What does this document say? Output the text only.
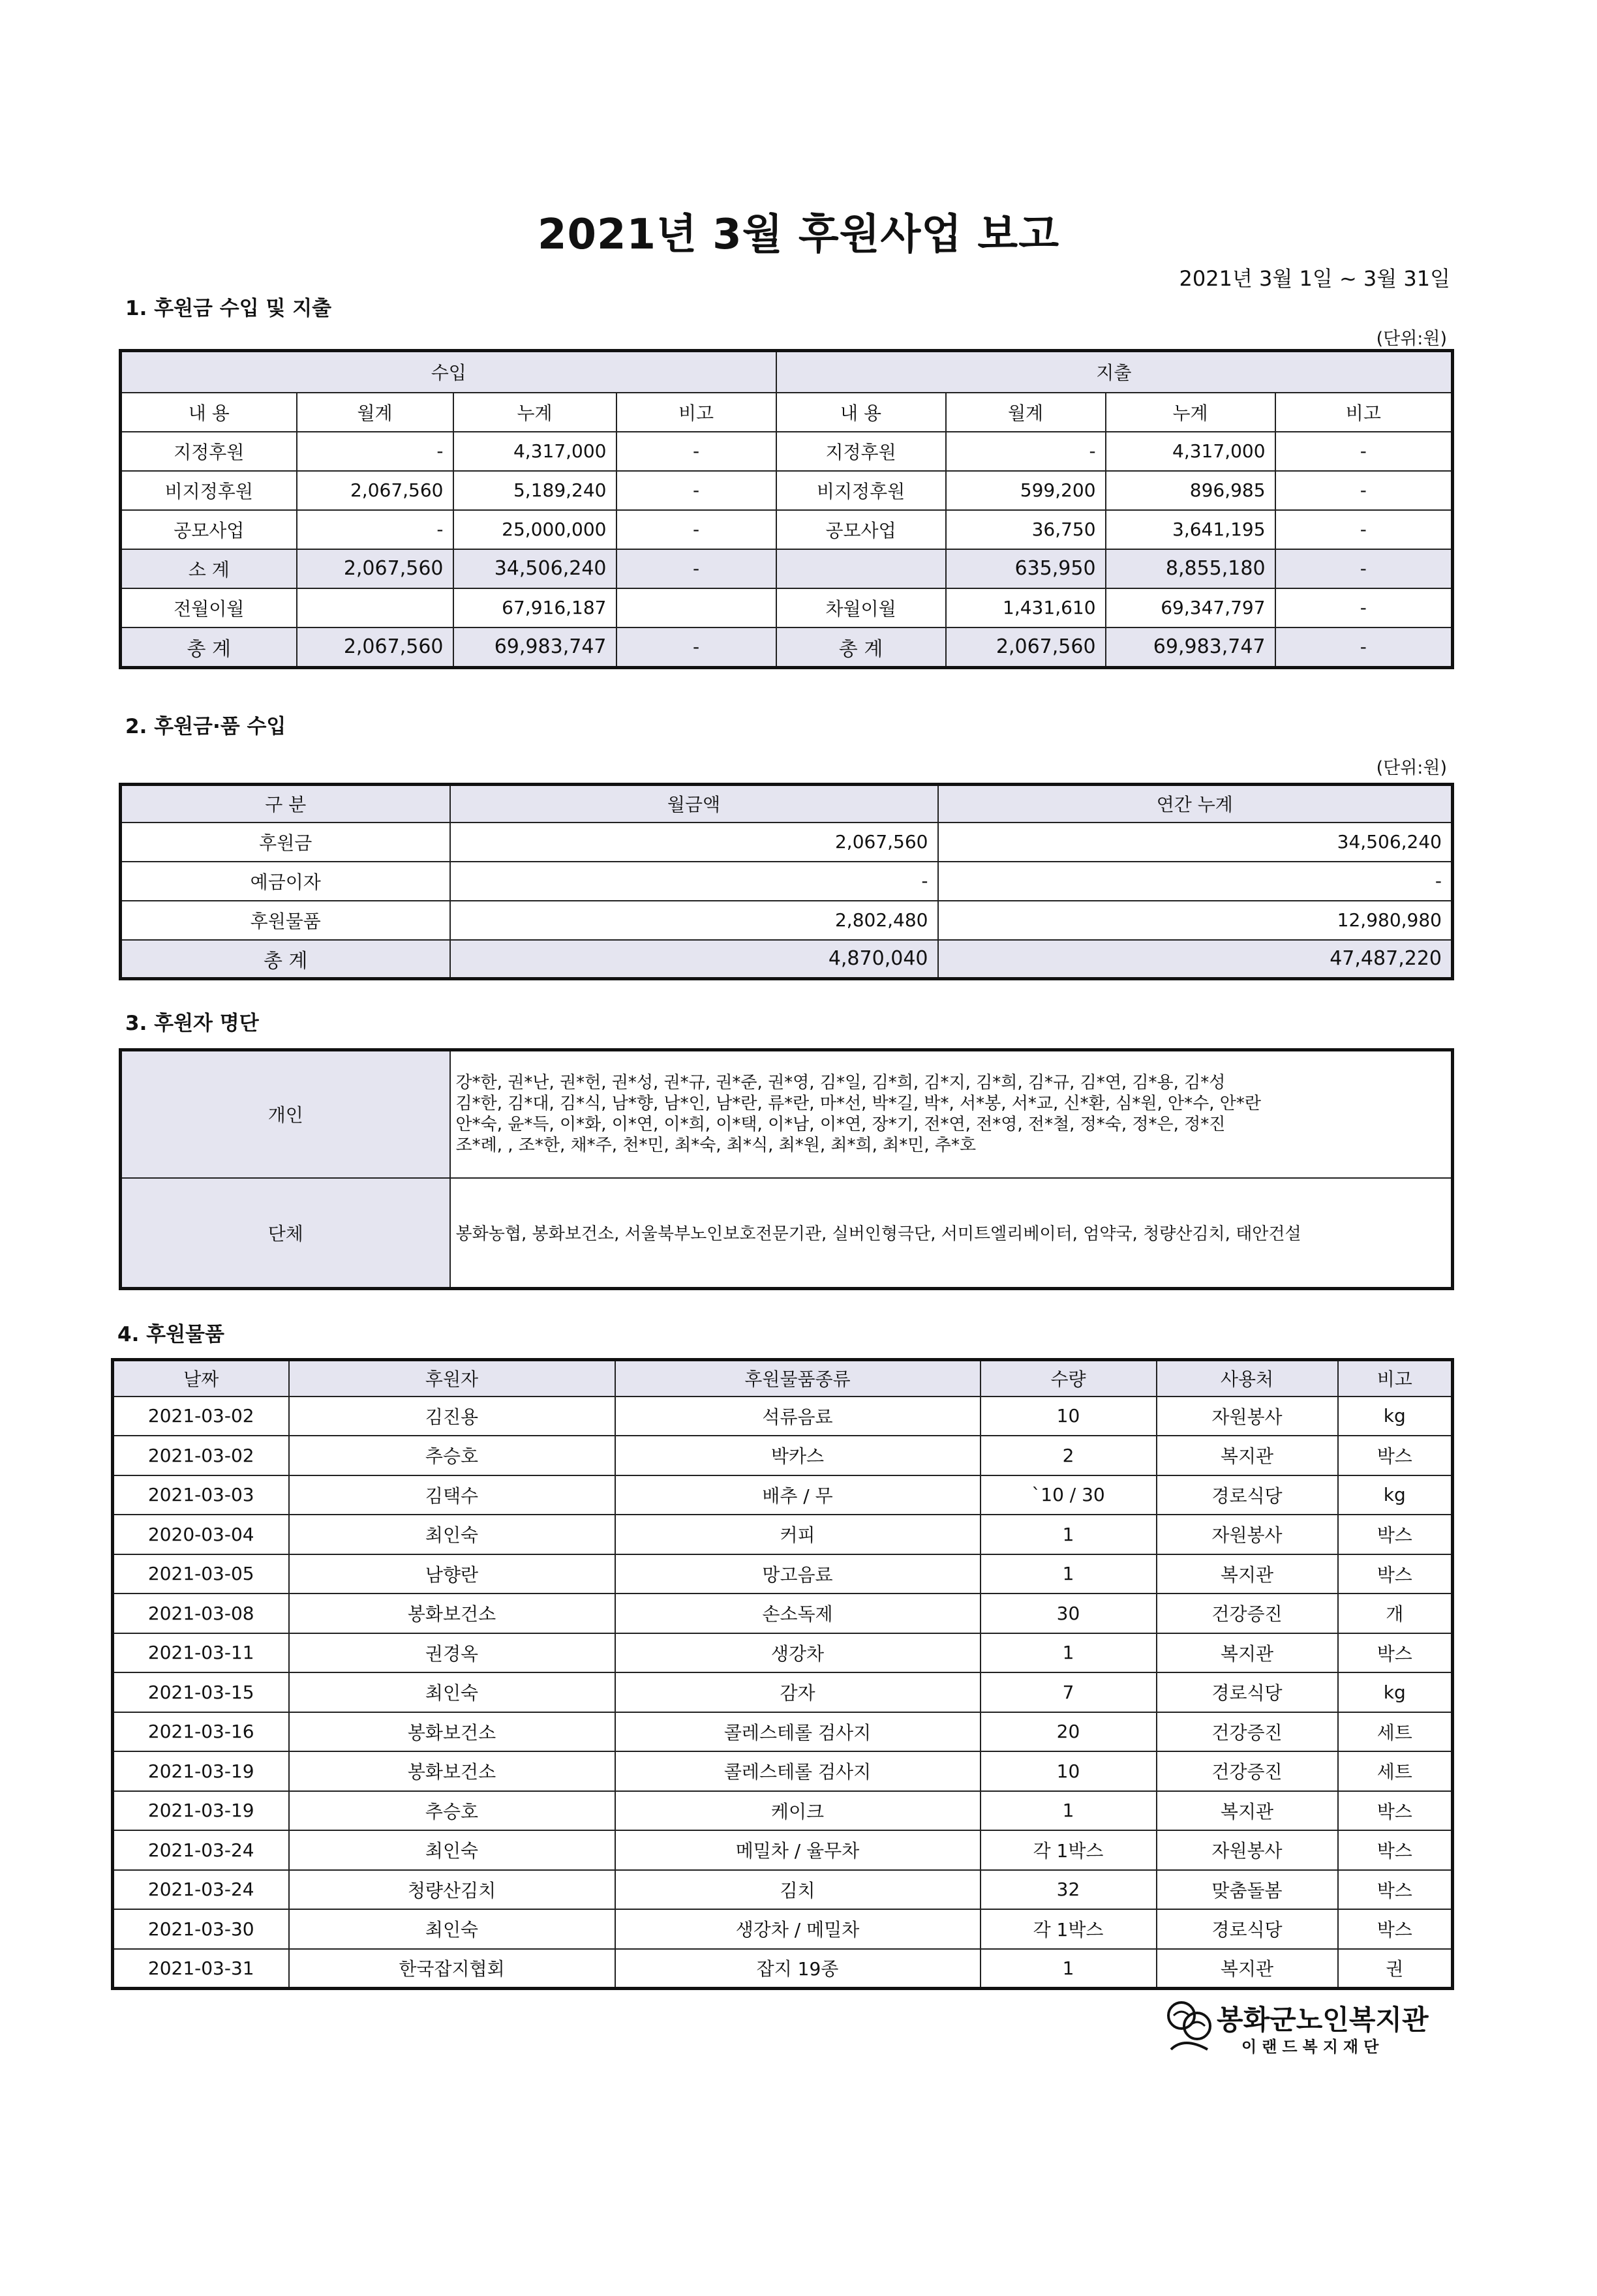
2021년 3월 후원사업 보고
2021년 3월 1일 ~ 3월 31일
1. 후원금 수입 및 지출
(단위:원)
수입				지출			
내 용	월계	누계	비고	내 용	월계	누계	비고
지정후원	-	4,317,000	-	지정후원	-	4,317,000	-
비지정후원	2,067,560	5,189,240	-	비지정후원	599,200	896,985	-
공모사업	-	25,000,000	-	공모사업	36,750	3,641,195	-
소 계	2,067,560	34,506,240	-		635,950	8,855,180	-
전월이월		67,916,187		차월이월	1,431,610	69,347,797	-
총 계	2,067,560	69,983,747	-	총 계	2,067,560	69,983,747	-
2. 후원금·품 수입
(단위:원)
구 분	월금액	연간 누계
후원금	2,067,560	34,506,240
예금이자	-	-
후원물품	2,802,480	12,980,980
총 계	4,870,040	47,487,220
3. 후원자 명단
개인	강*한, 권*난, 권*헌, 권*성, 권*규, 권*준, 권*영, 김*일, 김*희, 김*지, 김*희, 김*규, 김*연, 김*용, 김*성
김*한, 김*대, 김*식, 남*향, 남*인, 남*란, 류*란, 마*선, 박*길, 박*, 서*봉, 서*교, 신*환, 심*원, 안*수, 안*란
안*숙, 윤*득, 이*화, 이*연, 이*희, 이*택, 이*남, 이*연, 장*기, 전*연, 전*영, 전*철, 정*숙, 정*은, 정*진
조*례, , 조*한, 채*주, 천*민, 최*숙, 최*식, 최*원, 최*희, 최*민, 추*호

단체	봉화농협, 봉화보건소, 서울북부노인보호전문기관, 실버인형극단, 서미트엘리베이터, 엄약국, 청량산김치, 태안건설
4. 후원물품
날짜	후원자	후원물품종류	수량	사용처	비고
2021-03-02	김진용	석류음료	10	자원봉사	kg
2021-03-02	추승호	박카스	2	복지관	박스
2021-03-03	김택수	배추 / 무	`10 / 30	경로식당	kg
2020-03-04	최인숙	커피	1	자원봉사	박스
2021-03-05	남향란	망고음료	1	복지관	박스
2021-03-08	봉화보건소	손소독제	30	건강증진	개
2021-03-11	권경옥	생강차	1	복지관	박스
2021-03-15	최인숙	감자	7	경로식당	kg
2021-03-16	봉화보건소	콜레스테롤 검사지	20	건강증진	세트
2021-03-19	봉화보건소	콜레스테롤 검사지	10	건강증진	세트
2021-03-19	추승호	케이크	1	복지관	박스
2021-03-24	최인숙	메밀차 / 율무차	각 1박스	자원봉사	박스
2021-03-24	청량산김치	김치	32	맞춤돌봄	박스
2021-03-30	최인숙	생강차 / 메밀차	각 1박스	경로식당	박스
2021-03-31	한국잡지협회	잡지 19종	1	복지관	권
봉화군노인복지관
이랜드복지재단
